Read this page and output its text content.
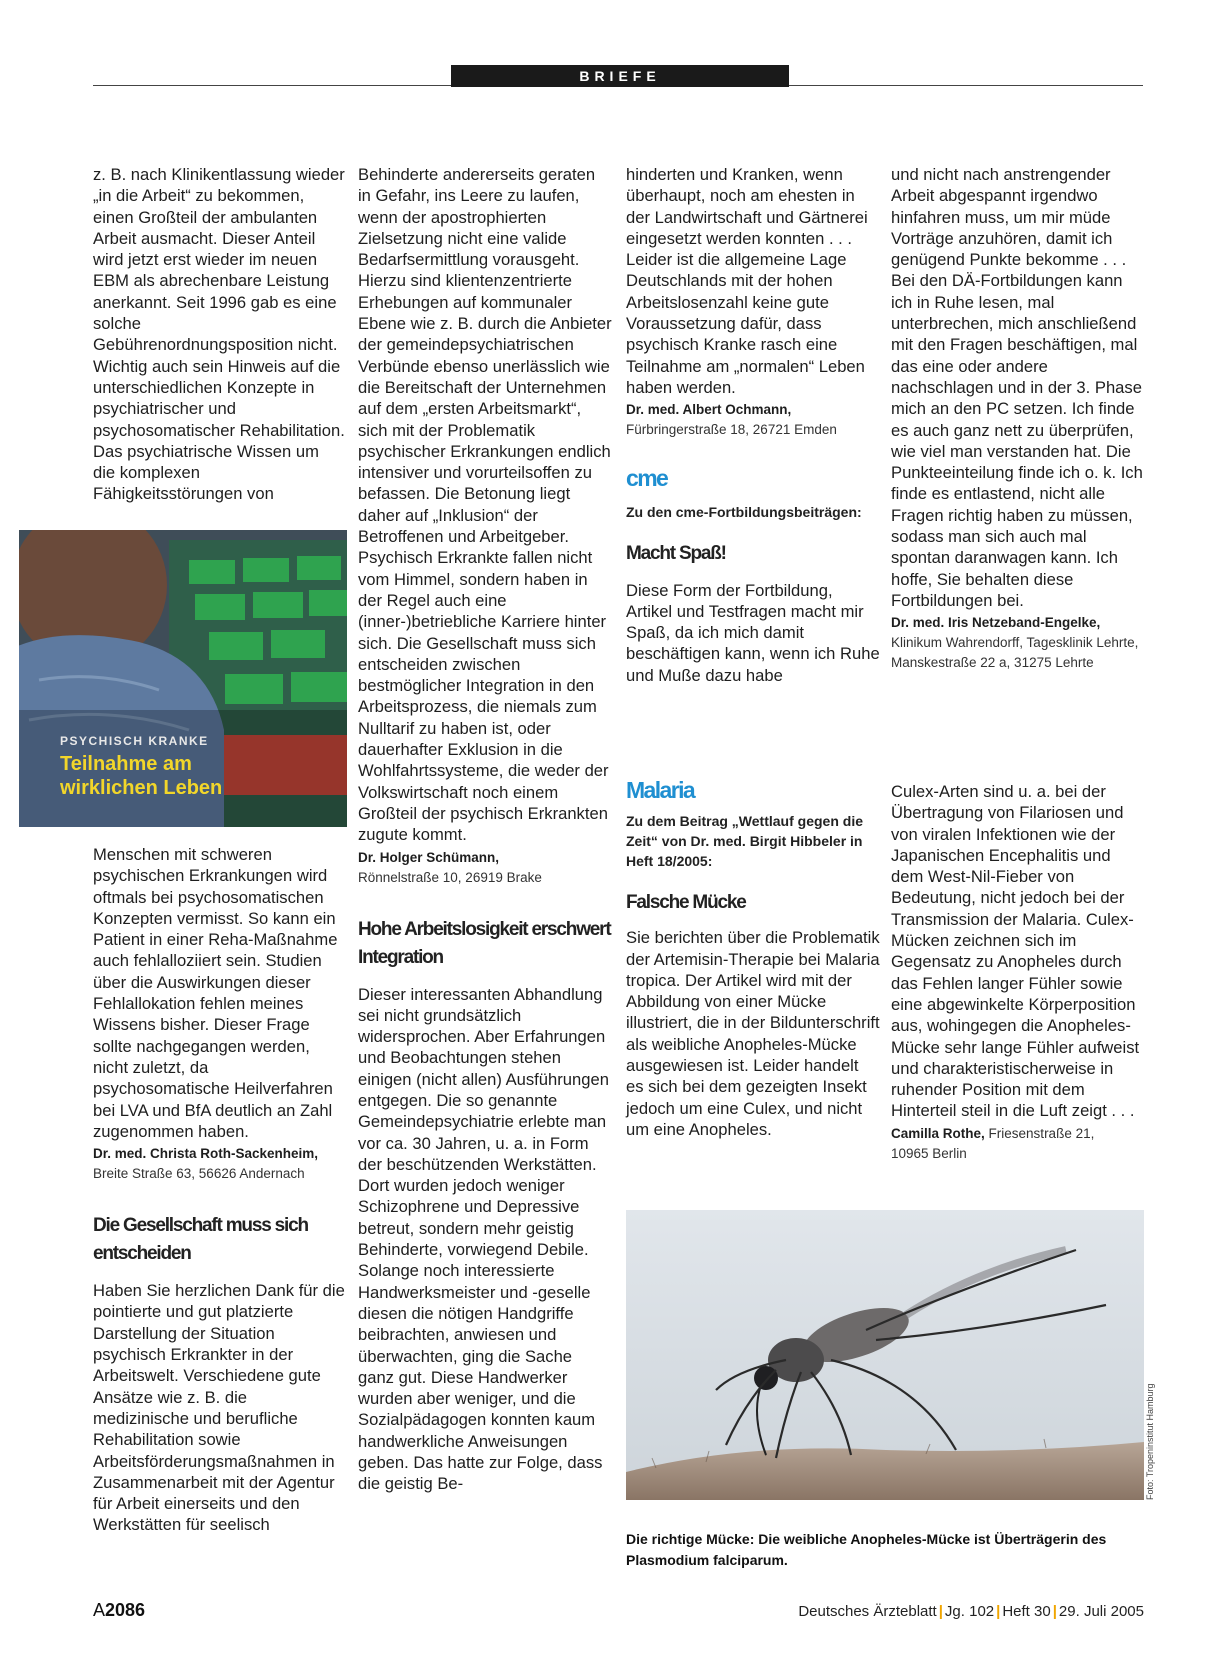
BRIEFE

z. B. nach Klinikentlassung wieder „in die Arbeit“ zu bekommen, einen Großteil der ambulanten Arbeit ausmacht. Dieser Anteil wird jetzt erst wieder im neuen EBM als abrechenbare Leistung anerkannt. Seit 1996 gab es eine solche Gebührenordnungsposition nicht. Wichtig auch sein Hinweis auf die unterschiedlichen Konzepte in psychiatrischer und psychosomatischer Rehabilitation. Das psychiatrische Wissen um die komplexen Fähigkeitsstörungen von

PSYCHISCH KRANKE
Teilnahme am
wirklichen Leben

Menschen mit schweren psychischen Erkrankungen wird oftmals bei psychosomatischen Konzepten vermisst. So kann ein Patient in einer Reha-Maßnahme auch fehlalloziiert sein. Studien über die Auswirkungen dieser Fehlallokation fehlen meines Wissens bisher. Dieser Frage sollte nachgegangen werden, nicht zuletzt, da psychosomatische Heilverfahren bei LVA und BfA deutlich an Zahl zugenommen haben.

Dr. med. Christa Roth-Sackenheim,
Breite Straße 63, 56626 Andernach
Die Gesellschaft muss sich entscheiden

Haben Sie herzlichen Dank für die pointierte und gut platzierte Darstellung der Situation psychisch Erkrankter in der Arbeitswelt. Verschiedene gute Ansätze wie z. B. die medizinische und berufliche Rehabilitation sowie Arbeitsförderungsmaßnahmen in Zusammenarbeit mit der Agentur für Arbeit einerseits und den Werkstätten für seelisch

Behinderte andererseits geraten in Gefahr, ins Leere zu laufen, wenn der apostrophierten Zielsetzung nicht eine valide Bedarfsermittlung vorausgeht. Hierzu sind klientenzentrierte Erhebungen auf kommunaler Ebene wie z. B. durch die Anbieter der gemeindepsychiatrischen Verbünde ebenso unerlässlich wie die Bereitschaft der Unternehmen auf dem „ersten Arbeitsmarkt“, sich mit der Problematik psychischer Erkrankungen endlich intensiver und vorurteilsoffen zu befassen. Die Betonung liegt daher auf „Inklusion“ der Betroffenen und Arbeitgeber. Psychisch Erkrankte fallen nicht vom Himmel, sondern haben in der Regel auch eine (inner-)betriebliche Karriere hinter sich. Die Gesellschaft muss sich entscheiden zwischen bestmöglicher Integration in den Arbeitsprozess, die niemals zum Nulltarif zu haben ist, oder dauerhafter Exklusion in die Wohlfahrtssysteme, die weder der Volkswirtschaft noch einem Großteil der psychisch Erkrankten zugute kommt.

Dr. Holger Schümann,
Rönnelstraße 10, 26919 Brake
Hohe Arbeitslosigkeit erschwert Integration

Dieser interessanten Abhandlung sei nicht grundsätzlich widersprochen. Aber Erfahrungen und Beobachtungen stehen einigen (nicht allen) Ausführungen entgegen. Die so genannte Gemeindepsychiatrie erlebte man vor ca. 30 Jahren, u. a. in Form der beschützenden Werkstätten. Dort wurden jedoch weniger Schizophrene und Depressive betreut, sondern mehr geistig Behinderte, vorwiegend Debile. Solange noch interessierte Handwerksmeister und -geselle diesen die nötigen Handgriffe beibrachten, anwiesen und überwachten, ging die Sache ganz gut. Diese Handwerker wurden aber weniger, und die Sozialpädagogen konnten kaum handwerkliche Anweisungen geben. Das hatte zur Folge, dass die geistig Be-

hinderten und Kranken, wenn überhaupt, noch am ehesten in der Landwirtschaft und Gärtnerei eingesetzt werden konnten . . . Leider ist die allgemeine Lage Deutschlands mit der hohen Arbeitslosenzahl keine gute Voraussetzung dafür, dass psychisch Kranke rasch eine Teilnahme am „normalen“ Leben haben werden.

Dr. med. Albert Ochmann,
Fürbringerstraße 18, 26721 Emden
cme
Zu den cme-Fortbildungsbeiträgen:
Macht Spaß!

Diese Form der Fortbildung, Artikel und Testfragen macht mir Spaß, da ich mich damit beschäftigen kann, wenn ich Ruhe und Muße dazu habe

Malaria
Zu dem Beitrag „Wettlauf gegen die Zeit“ von Dr. med. Birgit Hibbeler in Heft 18/2005:
Falsche Mücke

Sie berichten über die Problematik der Artemisin-Therapie bei Malaria tropica. Der Artikel wird mit der Abbildung von einer Mücke illustriert, die in der Bildunterschrift als weibliche Anopheles-Mücke ausgewiesen ist. Leider handelt es sich bei dem gezeigten Insekt jedoch um eine Culex, und nicht um eine Anopheles.

und nicht nach anstrengender Arbeit abgespannt irgendwo hinfahren muss, um mir müde Vorträge anzuhören, damit ich genügend Punkte bekomme . . . Bei den DÄ-Fortbildungen kann ich in Ruhe lesen, mal unterbrechen, mich anschließend mit den Fragen beschäftigen, mal das eine oder andere nachschlagen und in der 3. Phase mich an den PC setzen. Ich finde es auch ganz nett zu überprüfen, wie viel man verstanden hat. Die Punkteeinteilung finde ich o. k. Ich finde es entlastend, nicht alle Fragen richtig haben zu müssen, sodass man sich auch mal spontan daranwagen kann. Ich hoffe, Sie behalten diese Fortbildungen bei.

Dr. med. Iris Netzeband-Engelke,
Klinikum Wahrendorff, Tagesklinik Lehrte, Manskestraße 22 a, 31275 Lehrte

Culex-Arten sind u. a. bei der Übertragung von Filariosen und von viralen Infektionen wie der Japanischen Encephalitis und dem West-Nil-Fieber von Bedeutung, nicht jedoch bei der Transmission der Malaria. Culex-Mücken zeichnen sich im Gegensatz zu Anopheles durch das Fehlen langer Fühler sowie eine abgewinkelte Körperposition aus, wohingegen die Anopheles-Mücke sehr lange Fühler aufweist und charakteristischerweise in ruhender Position mit dem Hinterteil steil in die Luft zeigt . . .

Camilla Rothe, Friesenstraße 21,
10965 Berlin
Foto: Tropeninstitut Hamburg
Die richtige Mücke: Die weibliche Anopheles-Mücke ist Überträgerin des Plasmodium falciparum.
A2086	Deutsches Ärzteblatt | Jg. 102 | Heft 30 | 29. Juli 2005
